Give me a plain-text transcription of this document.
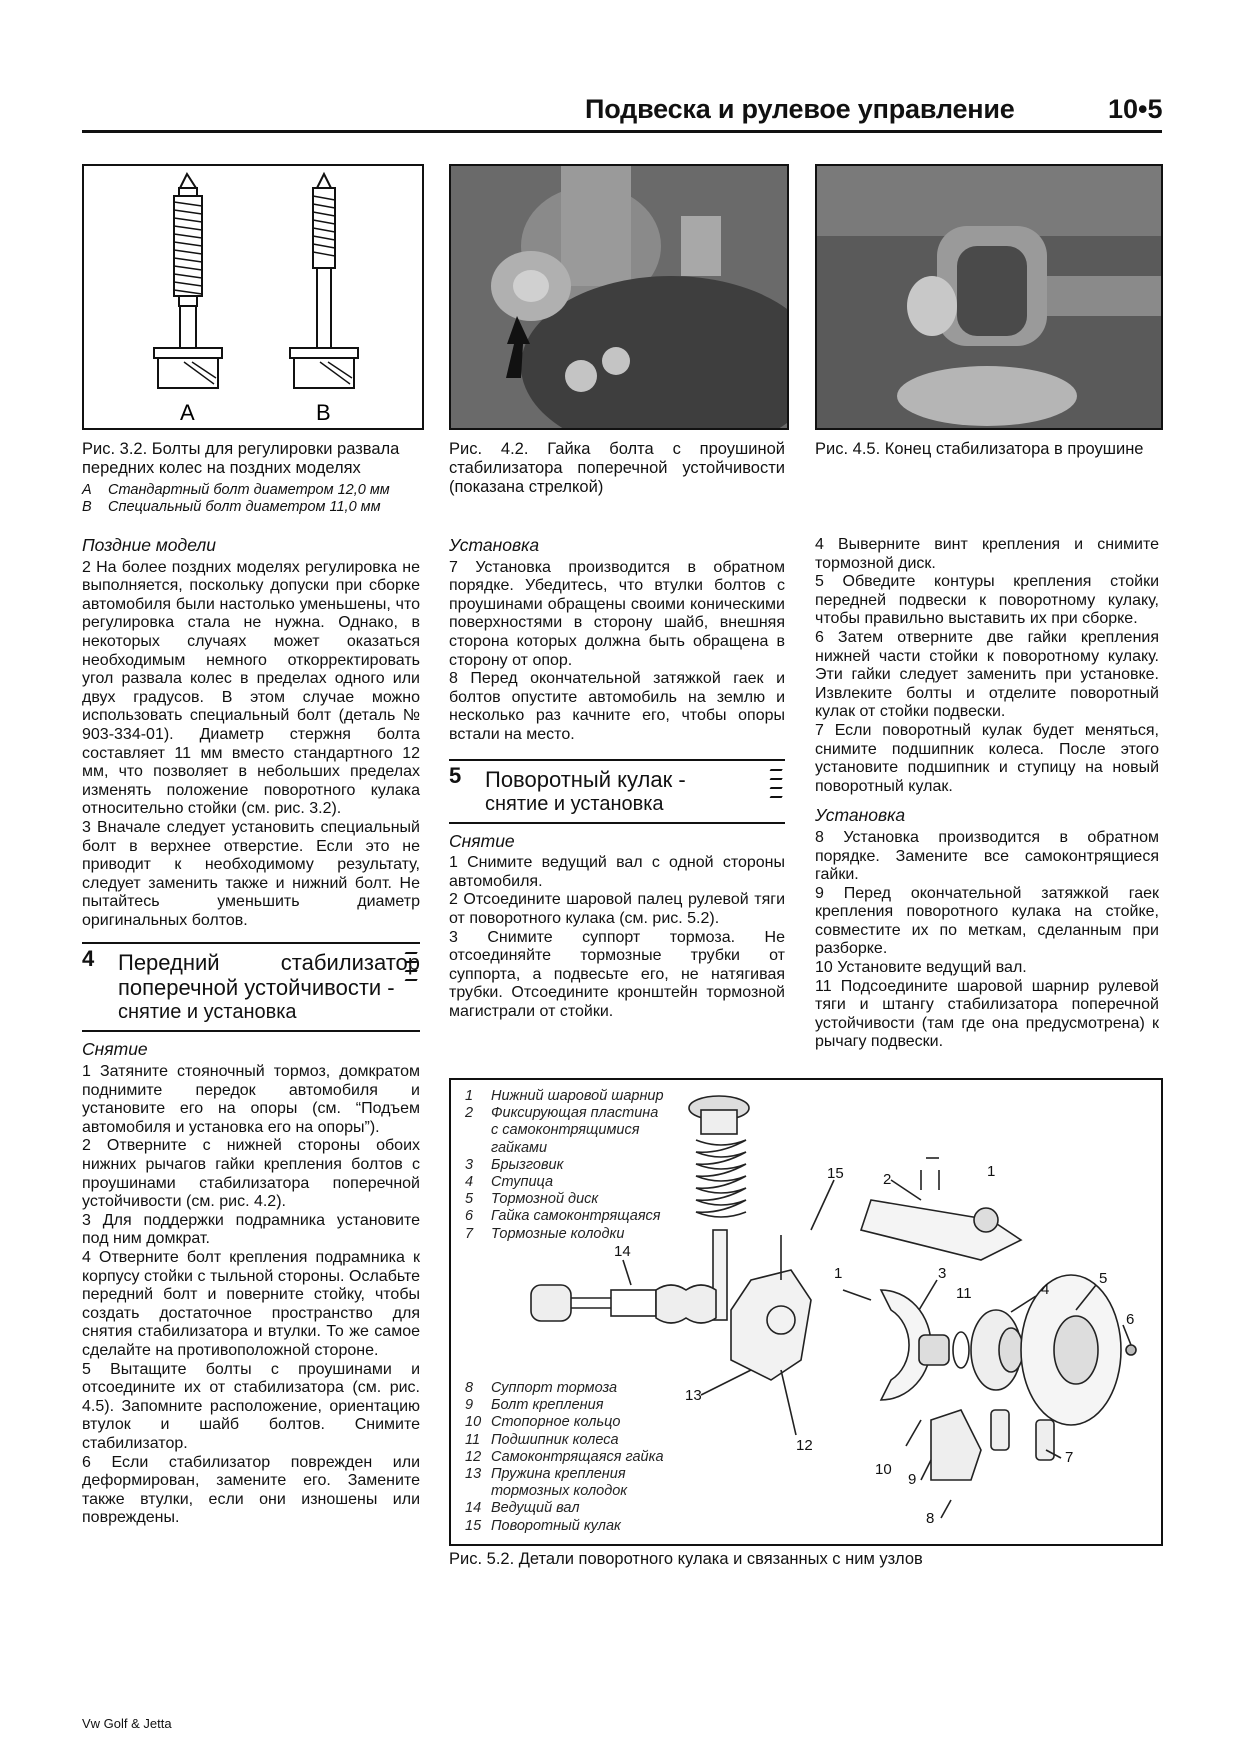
Подвеска и рулевое управление	10•5
A	B
Рис. 3.2. Болты для регулировки развала передних колес на поздних моделях
A Стандартный болт диаметром 12,0 мм
B Специальный болт диаметром 11,0 мм
Рис. 4.2. Гайка болта с проушиной стабилизатора поперечной устойчивости (показана стрелкой)
Рис. 4.5. Конец стабилизатора в проушине
Поздние модели

2 На более поздних моделях регулировка не выполняется, поскольку допуски при сборке автомобиля были настолько уменьшены, что регулировка стала не нужна. Однако, в некоторых случаях может оказаться необходимым немного откорректировать угол развала колес в пределах одного или двух градусов. В этом случае можно использовать специальный болт (деталь № 903-334-01). Диаметр стержня болта составляет 11 мм вместо стандартного 12 мм, что позволяет в небольших пределах изменять положение поворотного кулака относительно стойки (см. рис. 3.2).

3 Вначале следует установить специальный болт в верхнее отверстие. Если это не приводит к необходимому результату, следует заменить также и нижний болт. Не пытайтесь уменьшить диаметр оригинальных болтов.

4 Передний стабилизатор поперечной устойчивости -
снятие и установка
Снятие

1 Затяните стояночный тормоз, домкратом поднимите передок автомобиля и установите его на опоры (см. “Подъем автомобиля и установка его на опоры”).

2 Отверните с нижней стороны обоих нижних рычагов гайки крепления болтов с проушинами стабилизатора поперечной устойчивости (см. рис. 4.2).

3 Для поддержки подрамника установите под ним домкрат.

4 Отверните болт крепления подрамника к корпусу стойки с тыльной стороны. Ослабьте передний болт и поверните стойку, чтобы создать достаточное пространство для снятия стабилизатора и втулки. То же самое сделайте на противоположной стороне.

5 Вытащите болты с проушинами и отсоедините их от стабилизатора (см. рис. 4.5). Запомните расположение, ориентацию втулок и шайб болтов. Снимите стабилизатор.

6 Если стабилизатор поврежден или деформирован, замените его. Замените также втулки, если они изношены или повреждены.

Установка

7 Установка производится в обратном порядке. Убедитесь, что втулки болтов с проушинами обращены своими коническими поверхностями в сторону шайб, внешняя сторона которых должна быть обращена в сторону от опор.

8 Перед окончательной затяжкой гаек и болтов опустите автомобиль на землю и несколько раз качните его, чтобы опоры встали на место.

5 Поворотный кулак -
снятие и установка
Снятие

1 Снимите ведущий вал с одной стороны автомобиля.

2 Отсоедините шаровой палец рулевой тяги от поворотного кулака (см. рис. 5.2).

3 Снимите суппорт тормоза. Не отсоединяйте тормозные трубки от суппорта, а подвесьте его, не натягивая трубки. Отсоедините кронштейн тормозной магистрали от стойки.

4 Выверните винт крепления и снимите тормозной диск.

5 Обведите контуры крепления стойки передней подвески к поворотному кулаку, чтобы правильно выставить их при сборке.

6 Затем отверните две гайки крепления нижней части стойки к поворотному кулаку. Эти гайки следует заменить при установке. Извлеките болты и отделите поворотный кулак от стойки подвески.

7 Если поворотный кулак будет меняться, снимите подшипник колеса. После этого установите подшипник и ступицу на новый поворотный кулак.

Установка

8 Установка производится в обратном порядке. Замените все самоконтрящиеся гайки.

9 Перед окончательной затяжкой гаек крепления поворотного кулака на стойке, совместите их по меткам, сделанным при разборке.

10 Установите ведущий вал.

11 Подсоедините шаровой шарнир рулевой тяги и штангу стабилизатора поперечной устойчивости (там где она предусмотрена) к рычагу подвески.

1 Нижний шаровой шарнир
2 Фиксирующая пластина
с самоконтрящимися
гайками
3 Брызговик
4 Ступица
5 Тормозной диск
6 Гайка самоконтрящаяся
7 Тормозные колодки
8 Суппорт тормоза
9 Болт крепления
10 Стопорное кольцо
11 Подшипник колеса
12 Самоконтрящаяся гайка
13 Пружина крепления
тормозных колодок
14 Ведущий вал
15 Поворотный кулак
1
2
3
4
5
6
7
8
9
10
11
12
13
14
15
1
Рис. 5.2. Детали поворотного кулака и связанных с ним узлов
Vw Golf & Jetta
